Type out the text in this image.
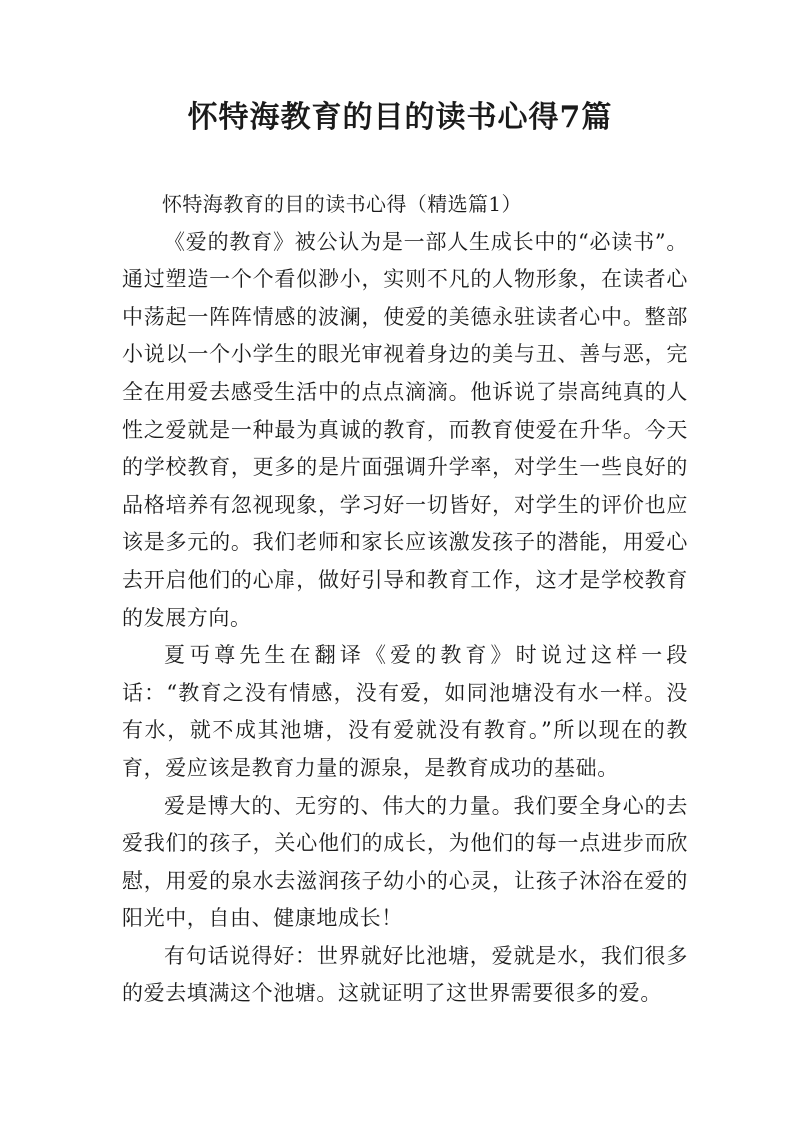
怀特海教育的目的读书心得7篇

怀特海教育的目的读书心得（精选篇1）

《爱的教育》被公认为是一部人生成长中的“必读书”。通过塑造一个个看似渺小，实则不凡的人物形象，在读者心中荡起一阵阵情感的波澜，使爱的美德永驻读者心中。整部小说以一个小学生的眼光审视着身边的美与丑、善与恶，完全在用爱去感受生活中的点点滴滴。他诉说了崇高纯真的人性之爱就是一种最为真诚的教育，而教育使爱在升华。今天的学校教育，更多的是片面强调升学率，对学生一些良好的品格培养有忽视现象，学习好一切皆好，对学生的评价也应该是多元的。我们老师和家长应该激发孩子的潜能，用爱心去开启他们的心扉，做好引导和教育工作，这才是学校教育的发展方向。

夏丏尊先生在翻译《爱的教育》时说过这样一段话：“教育之没有情感，没有爱，如同池塘没有水一样。没有水，就不成其池塘，没有爱就没有教育。”所以现在的教育，爱应该是教育力量的源泉，是教育成功的基础。

爱是博大的、无穷的、伟大的力量。我们要全身心的去爱我们的孩子，关心他们的成长，为他们的每一点进步而欣慰，用爱的泉水去滋润孩子幼小的心灵，让孩子沐浴在爱的阳光中，自由、健康地成长！

有句话说得好：世界就好比池塘，爱就是水，我们很多的爱去填满这个池塘。这就证明了这世界需要很多的爱。
